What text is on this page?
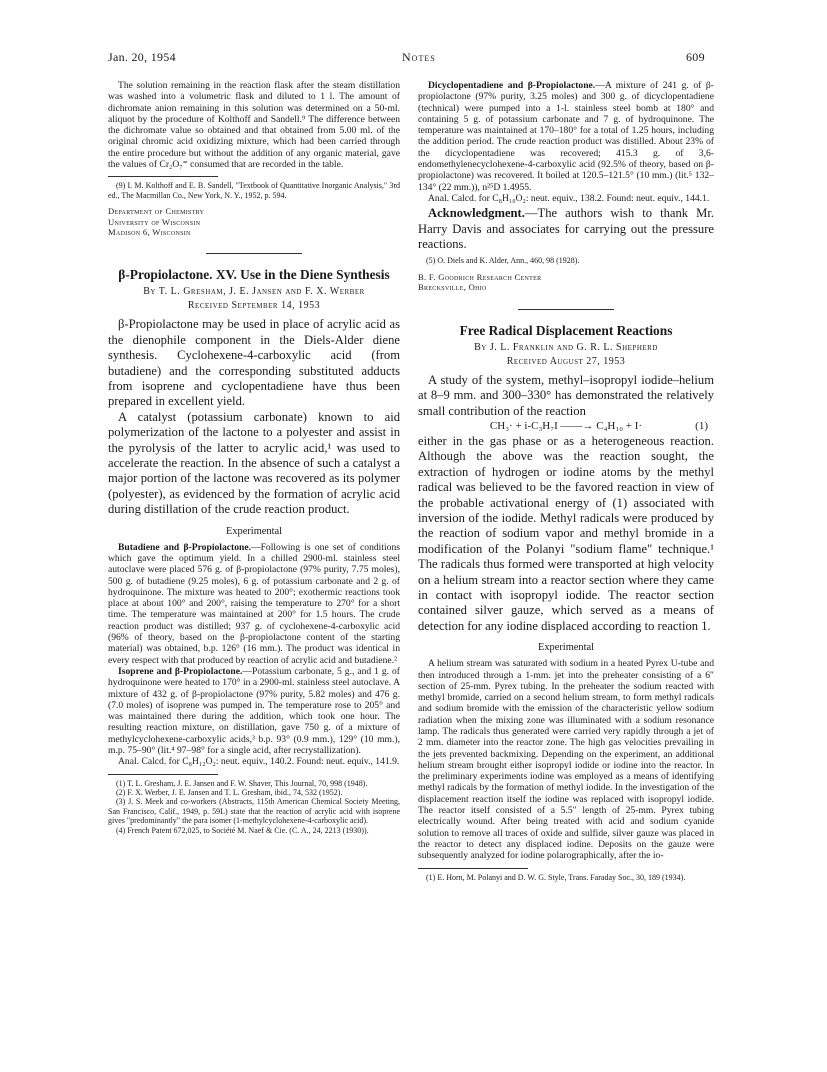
Jan. 20, 1954	Notes	609

The solution remaining in the reaction flask after the steam distillation was washed into a volumetric flask and diluted to 1 l. The amount of dichromate anion remaining in this solution was determined on a 50-ml. aliquot by the procedure of Kolthoff and Sandell.⁹ The difference between the dichromate value so obtained and that obtained from 5.00 ml. of the original chromic acid oxidizing mixture, which had been carried through the entire procedure but without the addition of any organic material, gave the values of Cr₂O₇⁼ consumed that are recorded in the table.

(9) I. M. Kolthoff and E. B. Sandell, "Textbook of Quantitative Inorganic Analysis," 3rd ed., The Macmillan Co., New York, N. Y., 1952, p. 594.

Department of Chemistry
University of Wisconsin
Madison 6, Wisconsin

β-Propiolactone. XV. Use in the Diene Synthesis

By T. L. Gresham, J. E. Jansen and F. X. Werber

Received September 14, 1953

β-Propiolactone may be used in place of acrylic acid as the dienophile component in the Diels-Alder diene synthesis. Cyclohexene-4-carboxylic acid (from butadiene) and the corresponding substituted adducts from isoprene and cyclopentadiene have thus been prepared in excellent yield.

A catalyst (potassium carbonate) known to aid polymerization of the lactone to a polyester and assist in the pyrolysis of the latter to acrylic acid,¹ was used to accelerate the reaction. In the absence of such a catalyst a major portion of the lactone was recovered as its polymer (polyester), as evidenced by the formation of acrylic acid during distillation of the crude reaction product.

Experimental

Butadiene and β-Propiolactone.—Following is one set of conditions which gave the optimum yield. In a chilled 2900-ml. stainless steel autoclave were placed 576 g. of β-propiolactone (97% purity, 7.75 moles), 500 g. of butadiene (9.25 moles), 6 g. of potassium carbonate and 2 g. of hydroquinone. The mixture was heated to 200°; exothermic reactions took place at about 100° and 200°, raising the temperature to 270° for a short time. The temperature was maintained at 200° for 1.5 hours. The crude reaction product was distilled; 937 g. of cyclohexene-4-carboxylic acid (96% of theory, based on the β-propiolactone content of the starting material) was obtained, b.p. 126° (16 mm.). The product was identical in every respect with that produced by reaction of acrylic acid and butadiene.²

Isoprene and β-Propiolactone.—Potassium carbonate, 5 g., and 1 g. of hydroquinone were heated to 170° in a 2900-ml. stainless steel autoclave. A mixture of 432 g. of β-propiolactone (97% purity, 5.82 moles) and 476 g. (7.0 moles) of isoprene was pumped in. The temperature rose to 205° and was maintained there during the addition, which took one hour. The resulting reaction mixture, on distillation, gave 750 g. of a mixture of methylcyclohexene-carboxylic acids,³ b.p. 93° (0.9 mm.), 129° (10 mm.), m.p. 75–90° (lit.⁴ 97–98° for a single acid, after recrystallization).

Anal. Calcd. for C₈H₁₂O₂: neut. equiv., 140.2. Found: neut. equiv., 141.9.

(1) T. L. Gresham, J. E. Jansen and F. W. Shaver, This Journal, 70, 998 (1948).

(2) F. X. Werber, J. E. Jansen and T. L. Gresham, ibid., 74, 532 (1952).

(3) J. S. Meek and co-workers (Abstracts, 115th American Chemical Society Meeting, San Francisco, Calif., 1949, p. 59L) state that the reaction of acrylic acid with isoprene gives "predominantly" the para isomer (1-methylcyclohexene-4-carboxylic acid).

(4) French Patent 672,025, to Société M. Naef & Cie. (C. A., 24, 2213 (1930)).

Dicyclopentadiene and β-Propiolactone.—A mixture of 241 g. of β-propiolactone (97% purity, 3.25 moles) and 300 g. of dicyclopentadiene (technical) were pumped into a 1-l. stainless steel bomb at 180° and containing 5 g. of potassium carbonate and 7 g. of hydroquinone. The temperature was maintained at 170–180° for a total of 1.25 hours, including the addition period. The crude reaction product was distilled. About 23% of the dicyclopentadiene was recovered; 415.3 g. of 3,6-endomethylenecyclohexene-4-carboxylic acid (92.5% of theory, based on β-propiolactone) was recovered. It boiled at 120.5–121.5° (10 mm.) (lit.⁵ 132–134° (22 mm.)), n²⁵D 1.4955.

Anal. Calcd. for C₈H₁₀O₂: neut. equiv., 138.2. Found: neut. equiv., 144.1.

Acknowledgment.—The authors wish to thank Mr. Harry Davis and associates for carrying out the pressure reactions.

(5) O. Diels and K. Alder, Ann., 460, 98 (1928).

B. F. Goodrich Research Center
Brecksville, Ohio

Free Radical Displacement Reactions

By J. L. Franklin and G. R. L. Shepherd

Received August 27, 1953

A study of the system, methyl–isopropyl iodide–helium at 8–9 mm. and 300–330° has demonstrated the relatively small contribution of the reaction

CH₃· + i-C₃H₇I ——→ C₄H₁₀ + I·	(1)

either in the gas phase or as a heterogeneous reaction. Although the above was the reaction sought, the extraction of hydrogen or iodine atoms by the methyl radical was believed to be the favored reaction in view of the probable activational energy of (1) associated with inversion of the iodide. Methyl radicals were produced by the reaction of sodium vapor and methyl bromide in a modification of the Polanyi "sodium flame" technique.¹ The radicals thus formed were transported at high velocity on a helium stream into a reactor section where they came in contact with isopropyl iodide. The reactor section contained silver gauze, which served as a means of detection for any iodine displaced according to reaction 1.

Experimental

A helium stream was saturated with sodium in a heated Pyrex U-tube and then introduced through a 1-mm. jet into the preheater consisting of a 6″ section of 25-mm. Pyrex tubing. In the preheater the sodium reacted with methyl bromide, carried on a second helium stream, to form methyl radicals and sodium bromide with the emission of the characteristic yellow sodium radiation when the mixing zone was illuminated with a sodium resonance lamp. The radicals thus generated were carried very rapidly through a jet of 2 mm. diameter into the reactor zone. The high gas velocities prevailing in the jets prevented backmixing. Depending on the experiment, an additional helium stream brought either isopropyl iodide or iodine into the reactor. In the preliminary experiments iodine was employed as a means of identifying methyl radicals by the formation of methyl iodide. In the investigation of the displacement reaction itself the iodine was replaced with isopropyl iodide. The reactor itself consisted of a 5.5″ length of 25-mm. Pyrex tubing electrically wound. After being treated with acid and sodium cyanide solution to remove all traces of oxide and sulfide, silver gauze was placed in the reactor to detect any displaced iodine. Deposits on the gauze were subsequently analyzed for iodine polarographically, after the io-

(1) E. Horn, M. Polanyi and D. W. G. Style, Trans. Faraday Soc., 30, 189 (1934).
